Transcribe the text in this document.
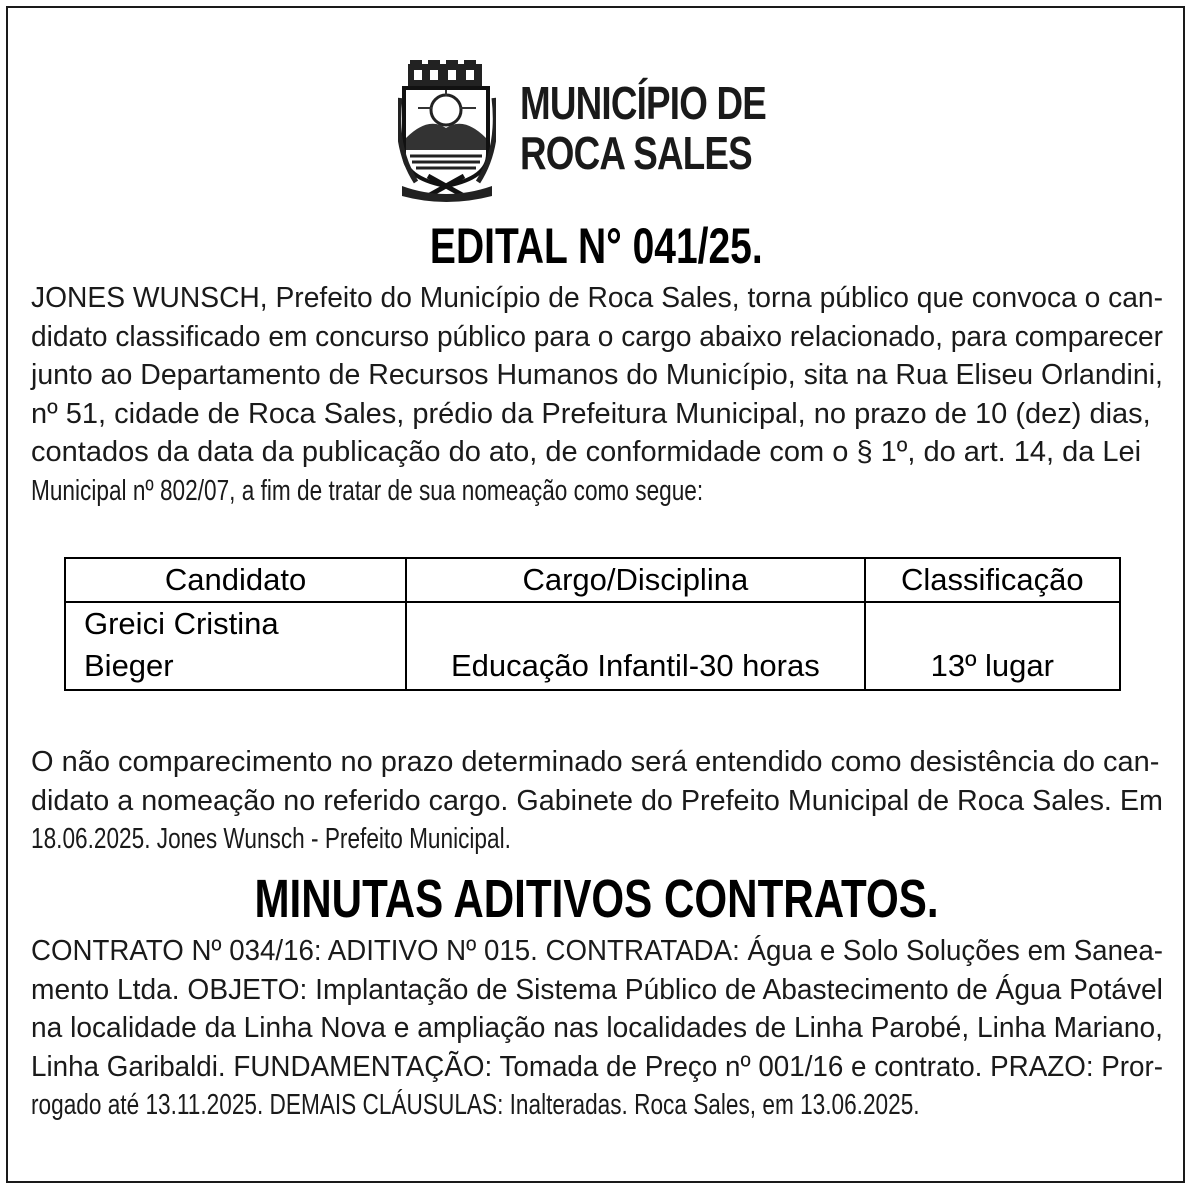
MUNICÍPIO DE
ROCA SALES
EDITAL N° 041/25.
JONES WUNSCH, Prefeito do Município de Roca Sales, torna público que convoca o can-
didato classificado em concurso público para o cargo abaixo relacionado, para comparecer
junto ao Departamento de Recursos Humanos do Município, sita na Rua Eliseu Orlandini,
nº 51, cidade de Roca Sales, prédio da Prefeitura Municipal, no prazo de 10 (dez) dias,
contados da data da publicação do ato, de conformidade com o § 1º, do art. 14, da Lei
Municipal nº 802/07, a fim de tratar de sua nomeação como segue:
Candidato	Cargo/Disciplina	Classificação

Greici Cristina
Bieger	Educação Infantil-30 horas	13º lugar
O não comparecimento no prazo determinado será entendido como desistência do can-
didato a nomeação no referido cargo. Gabinete do Prefeito Municipal de Roca Sales. Em
18.06.2025. Jones Wunsch - Prefeito Municipal.
MINUTAS ADITIVOS CONTRATOS.
CONTRATO Nº 034/16: ADITIVO Nº 015. CONTRATADA: Água e Solo Soluções em Sanea-
mento Ltda. OBJETO: Implantação de Sistema Público de Abastecimento de Água Potável
na localidade da Linha Nova e ampliação nas localidades de Linha Parobé, Linha Mariano,
Linha Garibaldi. FUNDAMENTAÇÃO: Tomada de Preço nº 001/16 e contrato. PRAZO: Pror-
rogado até 13.11.2025. DEMAIS CLÁUSULAS: Inalteradas. Roca Sales, em 13.06.2025.
